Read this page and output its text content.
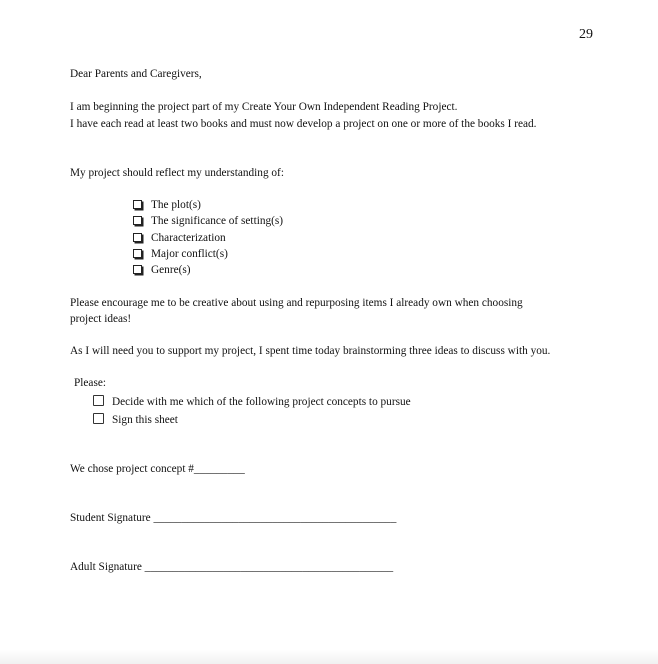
29
Dear Parents and Caregivers,
I am beginning the project part of my Create Your Own Independent Reading Project.
I have each read at least two books and must now develop a project on one or more of the books I read.
My project should reflect my understanding of:
The plot(s)
The significance of setting(s)
Characterization
Major conflict(s)
Genre(s)
Please encourage me to be creative about using and repurposing items I already own when choosing
project ideas!
As I will need you to support my project, I spent time today brainstorming three ideas to discuss with you.
Please:
Decide with me which of the following project concepts to pursue
Sign this sheet
We chose project concept #_________
Student Signature ___________________________________________
Adult Signature ____________________________________________
